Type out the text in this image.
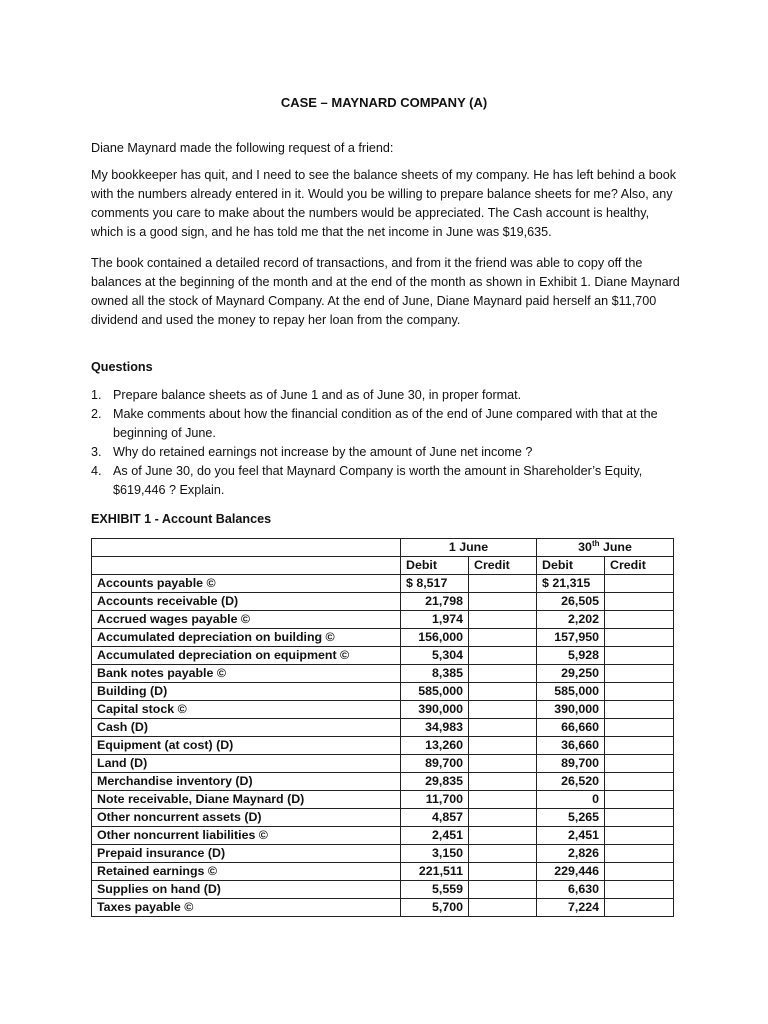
CASE – MAYNARD COMPANY (A)

Diane Maynard made the following request of a friend:

My bookkeeper has quit, and I need to see the balance sheets of my company. He has left behind a book with the numbers already entered in it. Would you be willing to prepare balance sheets for me? Also, any comments you care to make about the numbers would be appreciated. The Cash account is healthy, which is a good sign, and he has told me that the net income in June was $19,635.

The book contained a detailed record of transactions, and from it the friend was able to copy off the balances at the beginning of the month and at the end of the month as shown in Exhibit 1. Diane Maynard owned all the stock of Maynard Company. At the end of June, Diane Maynard paid herself an $11,700 dividend and used the money to repay her loan from the company.

Questions
1. Prepare balance sheets as of June 1 and as of June 30, in proper format.
2. Make comments about how the financial condition as of the end of June compared with that at the beginning of June.
3. Why do retained earnings not increase by the amount of June net income ?
4. As of June 30, do you feel that Maynard Company is worth the amount in Shareholder’s Equity, $619,446 ? Explain.
EXHIBIT 1 - Account Balances
	1 June		30th June	
	Debit	Credit	Debit	Credit
Accounts payable ©	$ 8,517		$ 21,315	
Accounts receivable (D)	21,798		26,505	
Accrued wages payable ©	1,974		2,202	
Accumulated depreciation on building ©	156,000		157,950	
Accumulated depreciation on equipment ©	5,304		5,928	
Bank notes payable ©	8,385		29,250	
Building (D)	585,000		585,000	
Capital stock ©	390,000		390,000	
Cash (D)	34,983		66,660	
Equipment (at cost) (D)	13,260		36,660	
Land (D)	89,700		89,700	
Merchandise inventory (D)	29,835		26,520	
Note receivable, Diane Maynard (D)	11,700		0	
Other noncurrent assets (D)	4,857		5,265	
Other noncurrent liabilities ©	2,451		2,451	
Prepaid insurance (D)	3,150		2,826	
Retained earnings ©	221,511		229,446	
Supplies on hand (D)	5,559		6,630	
Taxes payable ©	5,700		7,224	
